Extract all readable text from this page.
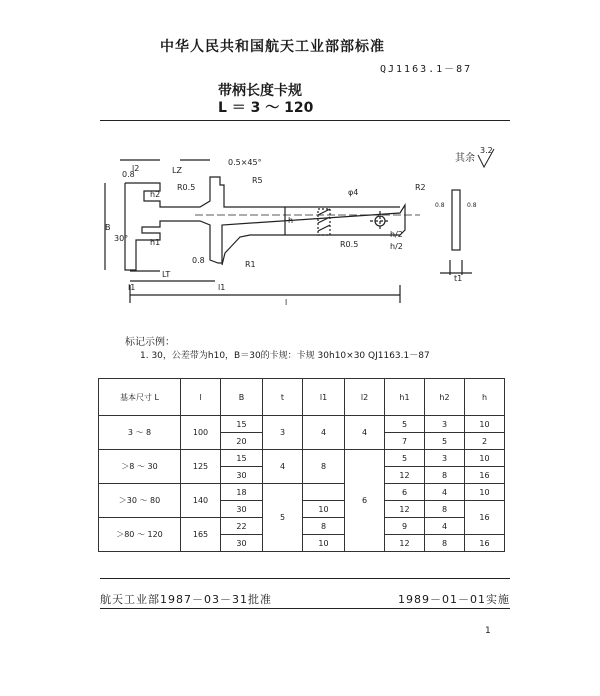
中华人民共和国航天工业部部标准
QJ1163.1－87
带柄长度卡规
L ＝ 3 ～ 120
l2	LZ
0.5×45°
R5
R0.5
h2
B
h1
30°
R1
0.8
0.8
LT
l1	l1
l
h
φ4
R2
R0.5
h/2
h/2
t1
其余
3.2
0.8	0.8
标记示例：
1. 30，公差带为h10，B＝30的卡规：卡规 30h10×30 QJ1163.1－87
基本尺寸 L	l	B	t	l1	l2	h1	h2	h
3 ～ 8	100	15	3	4	4	5	3	10
		20				7	5	2
＞8 ～ 30	125	15	4	8	6	5	3	10
		30				12	8	16
＞30 ～ 80	140	18	5			6	4	10
		30		10		12	8	16
＞80 ～ 120	165	22		8		9	4	
		30		10		12	8	16
航天工业部1987－03－31批准	1989－01－01实施
1
